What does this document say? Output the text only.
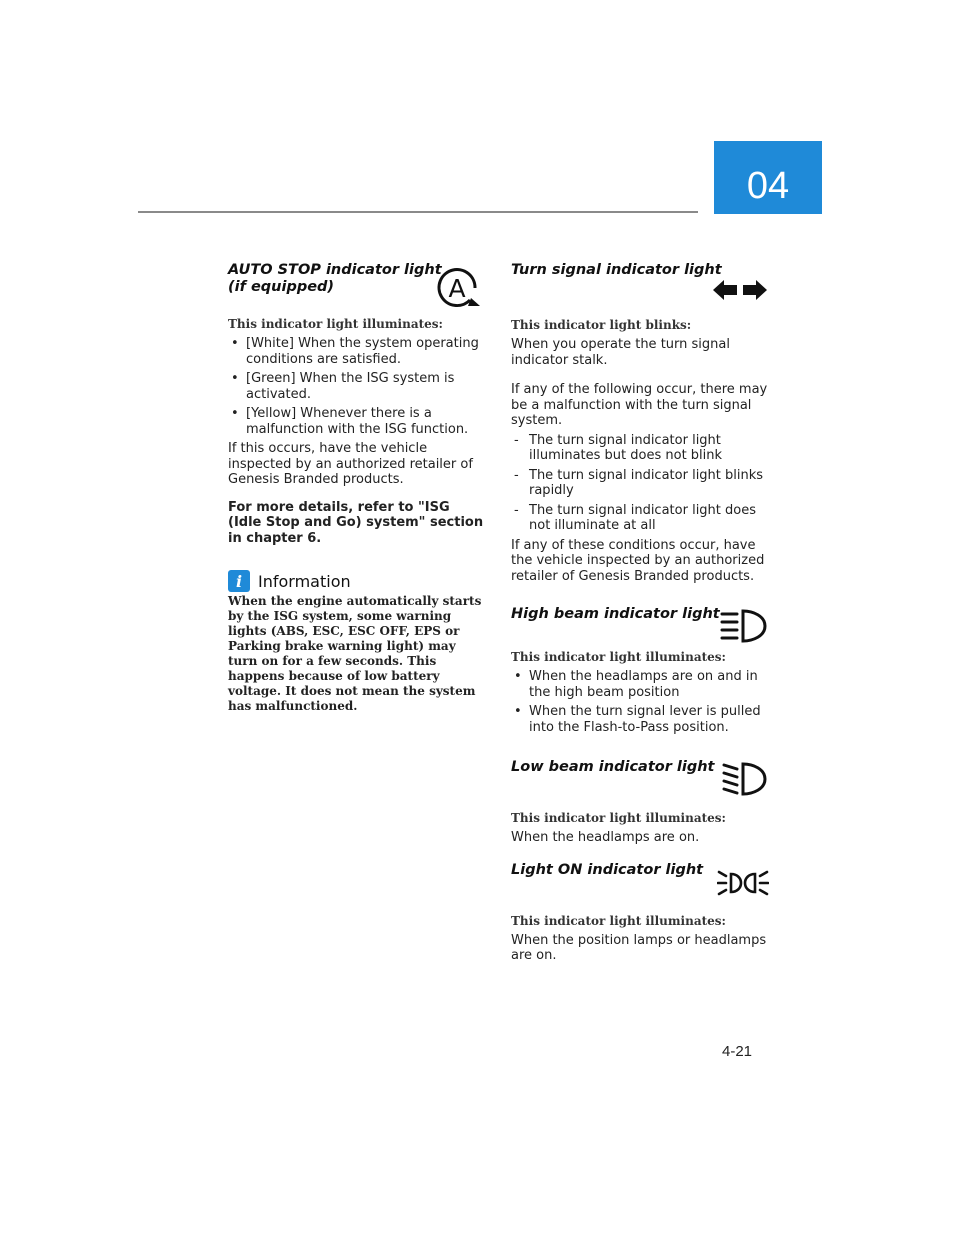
04
AUTO STOP indicator light
(if equipped)	A

This indicator light illuminates:

• [White] When the system operating conditions are satisfied.
• [Green] When the ISG system is activated.
• [Yellow] Whenever there is a malfunction with the ISG function.

If this occurs, have the vehicle inspected by an authorized retailer of Genesis Branded products.

For more details, refer to "ISG (Idle Stop and Go) system" section in chapter 6.

i Information

When the engine automatically starts by the ISG system, some warning lights (ABS, ESC, ESC OFF, EPS or Parking brake warning light) may turn on for a few seconds. This happens because of low battery voltage. It does not mean the system has malfunctioned.

Turn signal indicator light

This indicator light blinks:

When you operate the turn signal indicator stalk.

If any of the following occur, there may be a malfunction with the turn signal system.

- The turn signal indicator light illuminates but does not blink
- The turn signal indicator light blinks rapidly
- The turn signal indicator light does not illuminate at all

If any of these conditions occur, have the vehicle inspected by an authorized retailer of Genesis Branded products.

High beam indicator light

This indicator light illuminates:

• When the headlamps are on and in the high beam position
• When the turn signal lever is pulled into the Flash-to-Pass position.
Low beam indicator light

This indicator light illuminates:

When the headlamps are on.

Light ON indicator light

This indicator light illuminates:

When the position lamps or headlamps are on.

4-21
